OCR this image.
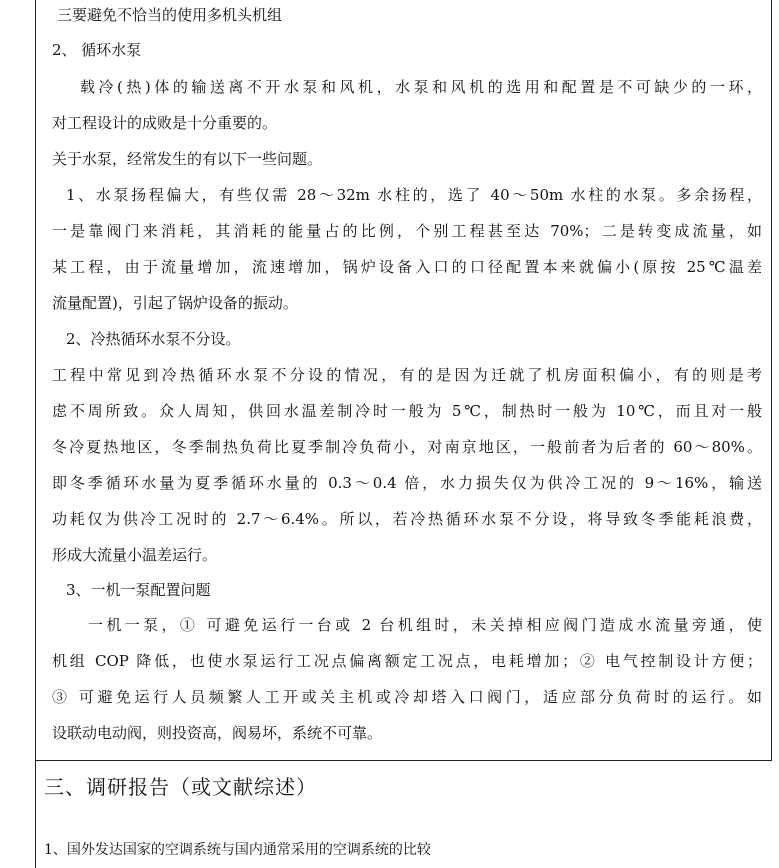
三要避免不恰当的使用多机头机组
2、 循环水泵
载冷(热)体的输送离不开水泵和风机，水泵和风机的选用和配置是不可缺少的一环，
对工程设计的成败是十分重要的。
关于水泵，经常发生的有以下一些问题。
1、水泵扬程偏大，有些仅需 28～32m 水柱的，选了 40～50m 水柱的水泵。多余扬程，
一是靠阀门来消耗，其消耗的能量占的比例，个别工程甚至达 70%；二是转变成流量，如
某工程，由于流量增加，流速增加，锅炉设备入口的口径配置本来就偏小(原按 25℃温差
流量配置)，引起了锅炉设备的振动。
2、冷热循环水泵不分设。
工程中常见到冷热循环水泵不分设的情况，有的是因为迁就了机房面积偏小，有的则是考
虑不周所致。众人周知，供回水温差制冷时一般为 5℃，制热时一般为 10℃，而且对一般
冬冷夏热地区，冬季制热负荷比夏季制冷负荷小，对南京地区，一般前者为后者的 60～80%。
即冬季循环水量为夏季循环水量的 0.3～0.4 倍，水力损失仅为供冷工况的 9～16%，输送
功耗仅为供冷工况时的 2.7～6.4%。所以，若冷热循环水泵不分设，将导致冬季能耗浪费，
形成大流量小温差运行。
3、一机一泵配置问题
一机一泵，① 可避免运行一台或 2 台机组时，未关掉相应阀门造成水流量旁通，使
机组 COP 降低，也使水泵运行工况点偏离额定工况点，电耗增加；② 电气控制设计方便；
③ 可避免运行人员频繁人工开或关主机或冷却塔入口阀门，适应部分负荷时的运行。如
设联动电动阀，则投资高，阀易坏，系统不可靠。
三、调研报告（或文献综述）
1、国外发达国家的空调系统与国内通常采用的空调系统的比较
